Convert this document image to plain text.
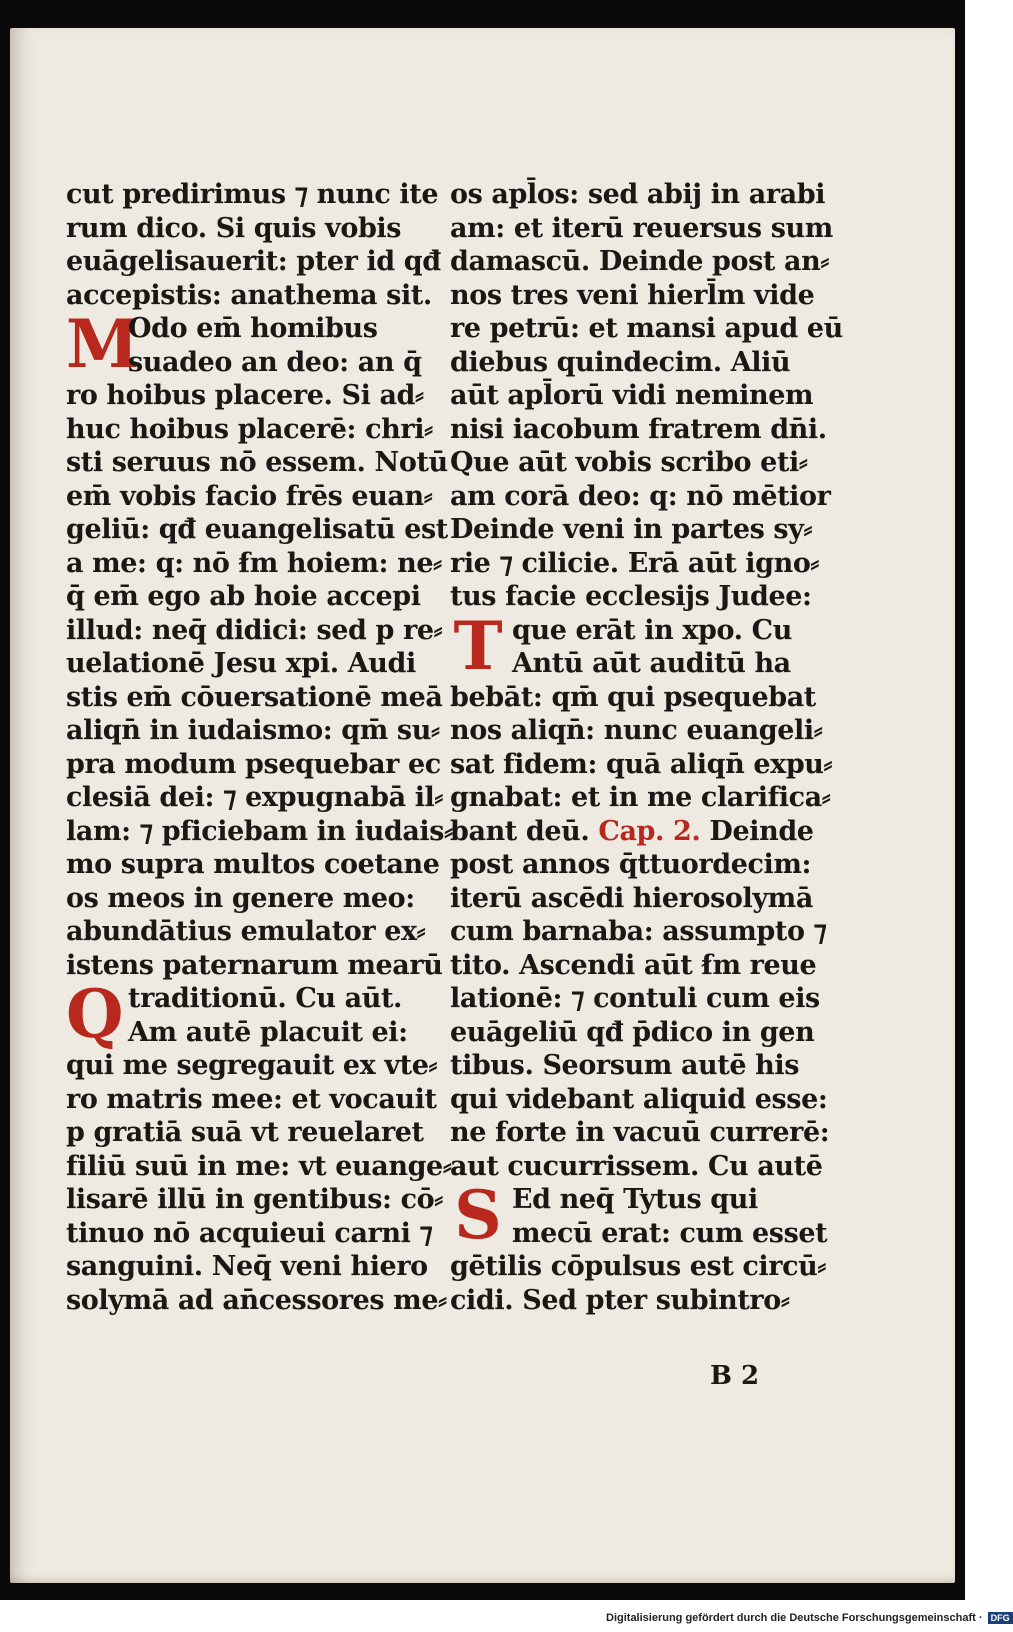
cut predirimus ⁊ nunc ite
rum dico. Si quis vobis
euāgelisauerit: pter id qđ
accepistis: anathema sit.
M
Odo em̄ homibus
suadeo an deo: an q̄
ro hoibus placere. Si ad⸗
huc hoibus placerē: chri⸗
sti seruus nō essem. Notū
em̄ vobis facio frēs euan⸗
geliū: qđ euangelisatū est
a me: q: nō ẜm hoiem: ne⸗
q̄ em̄ ego ab hoie accepi
illud: neq̄ didici: sed p re⸗
uelationē Jesu xpi. Audi
stis em̄ cōuersationē meā
aliqn̄ in iudaismo: qm̄ su⸗
pra modum psequebar ec
clesiā dei: ⁊ expugnabā il⸗
lam: ⁊ pficiebam in iudais⸗
mo supra multos coetane
os meos in genere meo:
abundātius emulator ex⸗
istens paternarum mearū
Q traditionū. Cu aūt.
Am autē placuit ei:
qui me segregauit ex vte⸗
ro matris mee: et vocauit
p gratiā suā vt reuelaret
filiū suū in me: vt euange⸗
lisarē illū in gentibus: cō⸗
tinuo nō acquieui carni ⁊
sanguini. Neq̄ veni hiero
solymā ad an̄cessores me⸗
os apl̄os: sed abij in arabi
am: et iterū reuersus sum
damascū. Deinde post an⸗
nos tres veni hierl̄m vide
re petrū: et mansi apud eū
diebus quindecim. Aliū
aūt apl̄orū vidi neminem
nisi iacobum fratrem dn̄i.
Que aūt vobis scribo eti⸗
am corā deo: q: nō mētior
Deinde veni in partes sy⸗
rie ⁊ cilicie. Erā aūt igno⸗
tus facie ecclesijs Judee:
T que erāt in xpo. Cu
Antū aūt auditū ha
bebāt: qm̄ qui psequebat
nos aliqn̄: nunc euangeli⸗
sat fidem: quā aliqn̄ expu⸗
gnabat: et in me clarifica⸗
bant deū. Cap. 2. Deinde
post annos q̄ttuordecim:
iterū ascēdi hierosolymā
cum barnaba: assumpto ⁊
tito. Ascendi aūt ẜm reue
lationē: ⁊ contuli cum eis
euāgeliū qđ p̄dico in gen
tibus. Seorsum autē his
qui videbant aliquid esse:
ne forte in vacuū currerē:
aut cucurrissem. Cu autē
S Ed neq̄ Tytus qui
mecū erat: cum esset
gētilis cōpulsus est circū⸗
cidi. Sed pter subintro⸗
B 2
Digitalisierung gefördert durch die Deutsche Forschungsgemeinschaft · DFG
